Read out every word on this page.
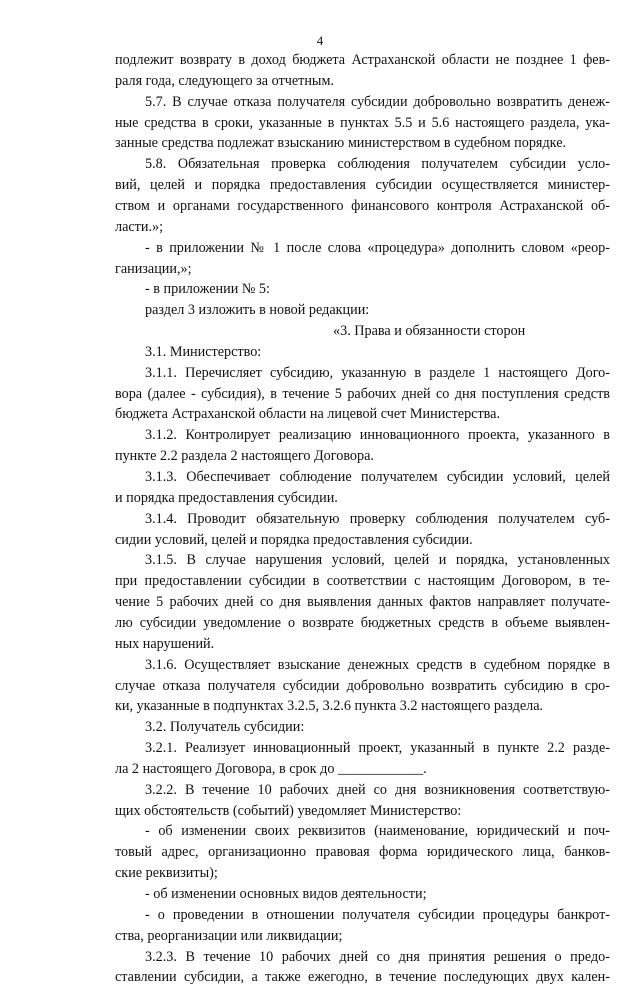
4
подлежит возврату в доход бюджета Астраханской области не позднее 1 фев-
раля года, следующего за отчетным.
5.7. В случае отказа получателя субсидии добровольно возвратить денеж-
ные средства в сроки, указанные в пунктах 5.5 и 5.6 настоящего раздела, ука-
занные средства подлежат взысканию министерством в судебном порядке.
5.8. Обязательная проверка соблюдения получателем субсидии усло-
вий, целей и порядка предоставления субсидии осуществляется министер-
ством и органами государственного финансового контроля Астраханской об-
ласти.»;
- в приложении № 1 после слова «процедура» дополнить словом «реор-
ганизации,»;
- в приложении № 5:
раздел 3 изложить в новой редакции:
«3. Права и обязанности сторон
3.1. Министерство:
3.1.1. Перечисляет субсидию, указанную в разделе 1 настоящего Дого-
вора (далее - субсидия), в течение 5 рабочих дней со дня поступления средств
бюджета Астраханской области на лицевой счет Министерства.
3.1.2. Контролирует реализацию инновационного проекта, указанного в
пункте 2.2 раздела 2 настоящего Договора.
3.1.3. Обеспечивает соблюдение получателем субсидии условий, целей
и порядка предоставления субсидии.
3.1.4. Проводит обязательную проверку соблюдения получателем суб-
сидии условий, целей и порядка предоставления субсидии.
3.1.5. В случае нарушения условий, целей и порядка, установленных
при предоставлении субсидии в соответствии с настоящим Договором, в те-
чение 5 рабочих дней со дня выявления данных фактов направляет получате-
лю субсидии уведомление о возврате бюджетных средств в объеме выявлен-
ных нарушений.
3.1.6. Осуществляет взыскание денежных средств в судебном порядке в
случае отказа получателя субсидии добровольно возвратить субсидию в сро-
ки, указанные в подпунктах 3.2.5, 3.2.6 пункта 3.2 настоящего раздела.
3.2. Получатель субсидии:
3.2.1. Реализует инновационный проект, указанный в пункте 2.2 разде-
ла 2 настоящего Договора, в срок до ____________.
3.2.2. В течение 10 рабочих дней со дня возникновения соответствую-
щих обстоятельств (событий) уведомляет Министерство:
- об изменении своих реквизитов (наименование, юридический и поч-
товый адрес, организационно правовая форма юридического лица, банков-
ские реквизиты);
- об изменении основных видов деятельности;
- о проведении в отношении получателя субсидии процедуры банкрот-
ства, реорганизации или ликвидации;
3.2.3. В течение 10 рабочих дней со дня принятия решения о предо-
ставлении субсидии, а также ежегодно, в течение последующих двух кален-
